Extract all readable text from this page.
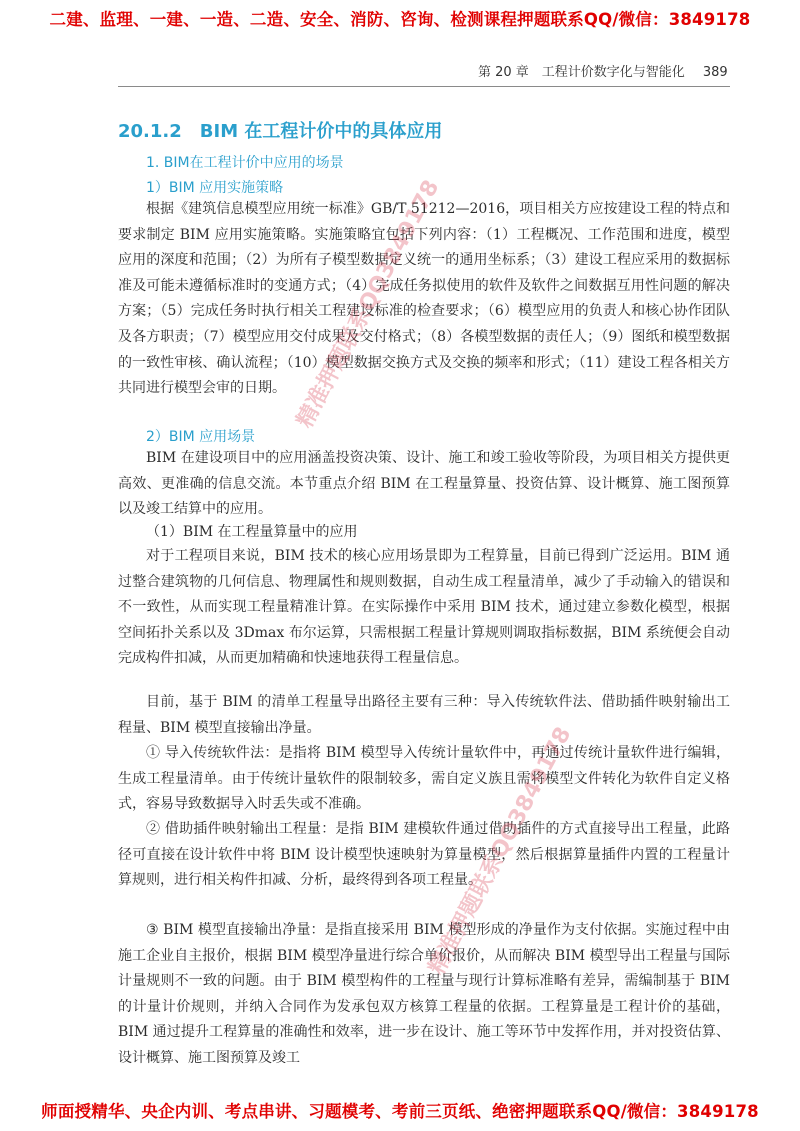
二建、监理、一建、一造、二造、安全、消防、咨询、检测课程押题联系QQ/微信：3849178
第 20 章　工程计价数字化与智能化 389
20.1.2　BIM 在工程计价中的具体应用
1. BIM在工程计价中应用的场景
1）BIM 应用实施策略

根据《建筑信息模型应用统一标准》GB/T 51212—2016，项目相关方应按建设工程的特点和要求制定 BIM 应用实施策略。实施策略宜包括下列内容：（1）工程概况、工作范围和进度，模型应用的深度和范围；（2）为所有子模型数据定义统一的通用坐标系；（3）建设工程应采用的数据标准及可能未遵循标准时的变通方式；（4）完成任务拟使用的软件及软件之间数据互用性问题的解决方案；（5）完成任务时执行相关工程建设标准的检查要求；（6）模型应用的负责人和核心协作团队及各方职责；（7）模型应用交付成果及交付格式；（8）各模型数据的责任人；（9）图纸和模型数据的一致性审核、确认流程；（10）模型数据交换方式及交换的频率和形式；（11）建设工程各相关方共同进行模型会审的日期。

2）BIM 应用场景

BIM 在建设项目中的应用涵盖投资决策、设计、施工和竣工验收等阶段，为项目相关方提供更高效、更准确的信息交流。本节重点介绍 BIM 在工程量算量、投资估算、设计概算、施工图预算以及竣工结算中的应用。

（1）BIM 在工程量算量中的应用

对于工程项目来说，BIM 技术的核心应用场景即为工程算量，目前已得到广泛运用。BIM 通过整合建筑物的几何信息、物理属性和规则数据，自动生成工程量清单，减少了手动输入的错误和不一致性，从而实现工程量精准计算。在实际操作中采用 BIM 技术，通过建立参数化模型，根据空间拓扑关系以及 3Dmax 布尔运算，只需根据工程量计算规则调取指标数据，BIM 系统便会自动完成构件扣减，从而更加精确和快速地获得工程量信息。

目前，基于 BIM 的清单工程量导出路径主要有三种：导入传统软件法、借助插件映射输出工程量、BIM 模型直接输出净量。

① 导入传统软件法：是指将 BIM 模型导入传统计量软件中，再通过传统计量软件进行编辑，生成工程量清单。由于传统计量软件的限制较多，需自定义族且需将模型文件转化为软件自定义格式，容易导致数据导入时丢失或不准确。

② 借助插件映射输出工程量：是指 BIM 建模软件通过借助插件的方式直接导出工程量，此路径可直接在设计软件中将 BIM 设计模型快速映射为算量模型，然后根据算量插件内置的工程量计算规则，进行相关构件扣减、分析，最终得到各项工程量。

③ BIM 模型直接输出净量：是指直接采用 BIM 模型形成的净量作为支付依据。实施过程中由施工企业自主报价，根据 BIM 模型净量进行综合单价报价，从而解决 BIM 模型导出工程量与国际计量规则不一致的问题。由于 BIM 模型构件的工程量与现行计算标准略有差异，需编制基于 BIM 的计量计价规则，并纳入合同作为发承包双方核算工程量的依据。工程算量是工程计价的基础，BIM 通过提升工程算量的准确性和效率，进一步在设计、施工等环节中发挥作用，并对投资估算、设计概算、施工图预算及竣工

精准押题联系QQ3849178
精准押题联系QQ3849178
师面授精华、央企内训、考点串讲、习题模考、考前三页纸、绝密押题联系QQ/微信：3849178
